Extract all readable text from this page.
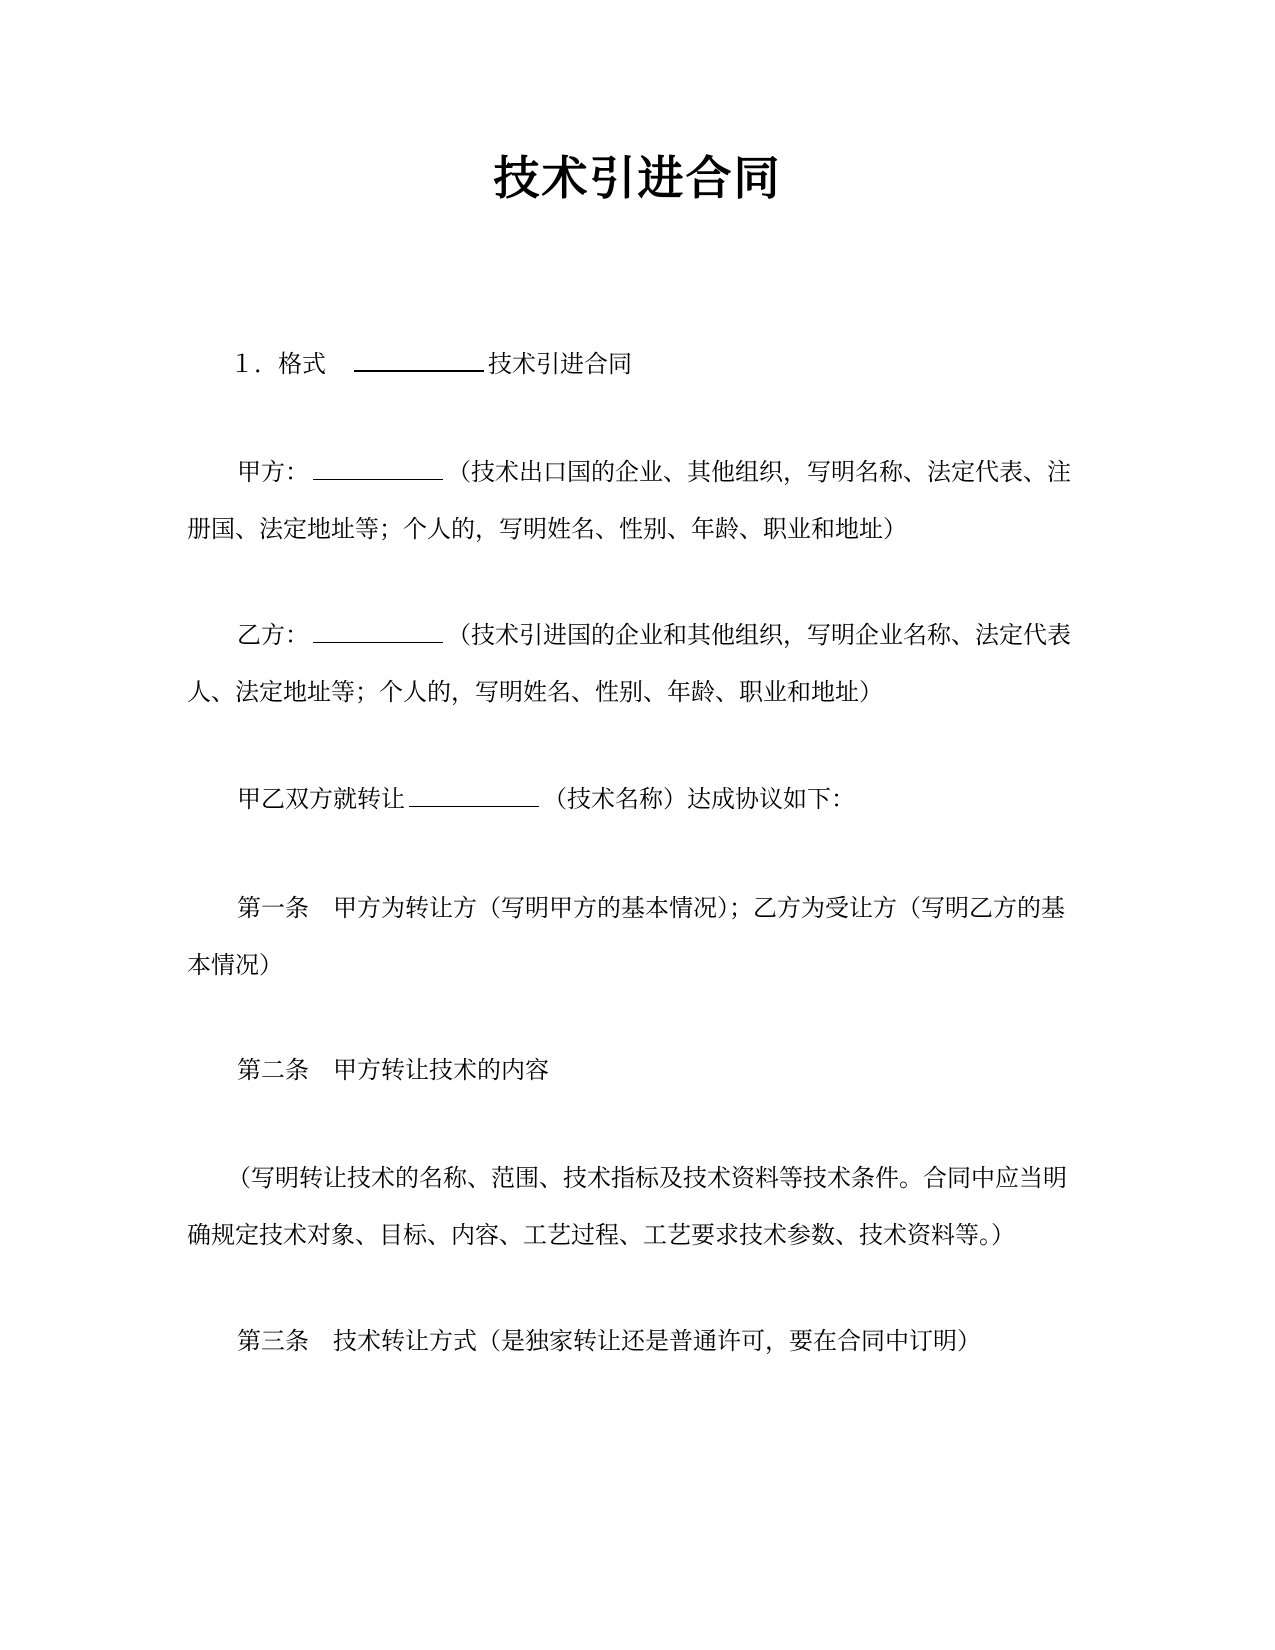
技术引进合同
１．格式	技术引进合同
甲方：	（技术出口国的企业、其他组织，写明名称、法定代表、注册国、法定地址等；个人的，写明姓名、性别、年龄、职业和地址）
乙方：	（技术引进国的企业和其他组织，写明企业名称、法定代表人、法定地址等；个人的，写明姓名、性别、年龄、职业和地址）
甲乙双方就转让	（技术名称）达成协议如下：
第一条 甲方为转让方（写明甲方的基本情况）；乙方为受让方（写明乙方的基本情况）
第二条 甲方转让技术的内容
（写明转让技术的名称、范围、技术指标及技术资料等技术条件。合同中应当明确规定技术对象、目标、内容、工艺过程、工艺要求技术参数、技术资料等。）
第三条 技术转让方式（是独家转让还是普通许可，要在合同中订明）
